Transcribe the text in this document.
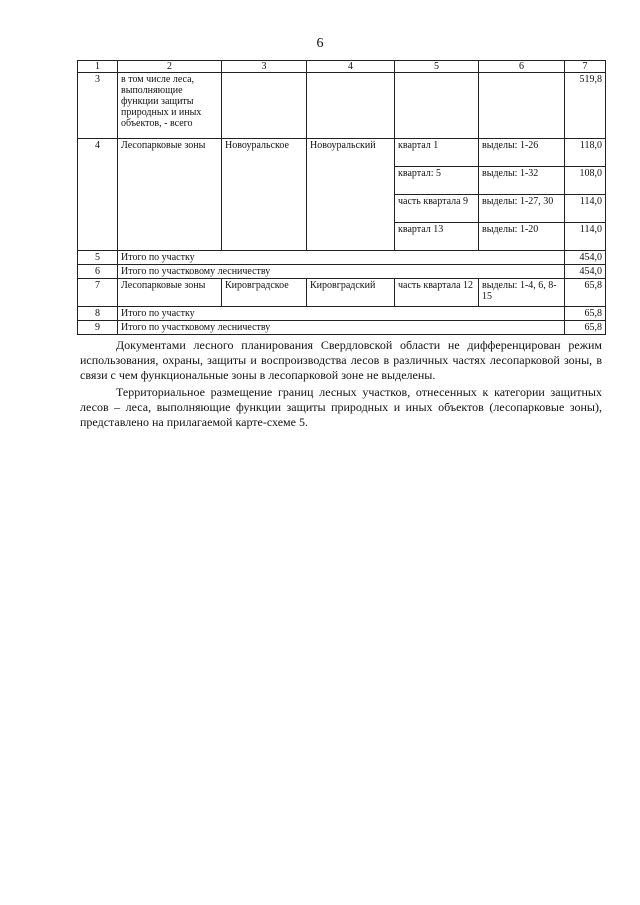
6
1	2	3	4	5	6	7
3	в том числе леса, выполняющие функции защиты природных и иных объектов, - всего					519,8
4	Лесопарковые зоны	Новоуральское	Новоуральский	квартал 1	выделы: 1-26	118,0
				квартал: 5	выделы: 1-32	108,0
				часть квартала 9	выделы: 1-27, 30	114,0
				квартал 13	выделы: 1-20	114,0
5	Итого по участку					454,0
6	Итого по участковому лесничеству					454,0
7	Лесопарковые зоны	Кировградское	Кировградский	часть квартала 12	выделы: 1-4, 6, 8-15	65,8
8	Итого по участку					65,8
9	Итого по участковому лесничеству					65,8

Документами лесного планирования Свердловской области не дифференцирован режим использования, охраны, защиты и воспроизводства лесов в различных частях лесопарковой зоны, в связи с чем функциональные зоны в лесопарковой зоне не выделены.

Территориальное размещение границ лесных участков, отнесенных к категории защитных лесов – леса, выполняющие функции защиты природных и иных объектов (лесопарковые зоны), представлено на прилагаемой карте-схеме 5.
